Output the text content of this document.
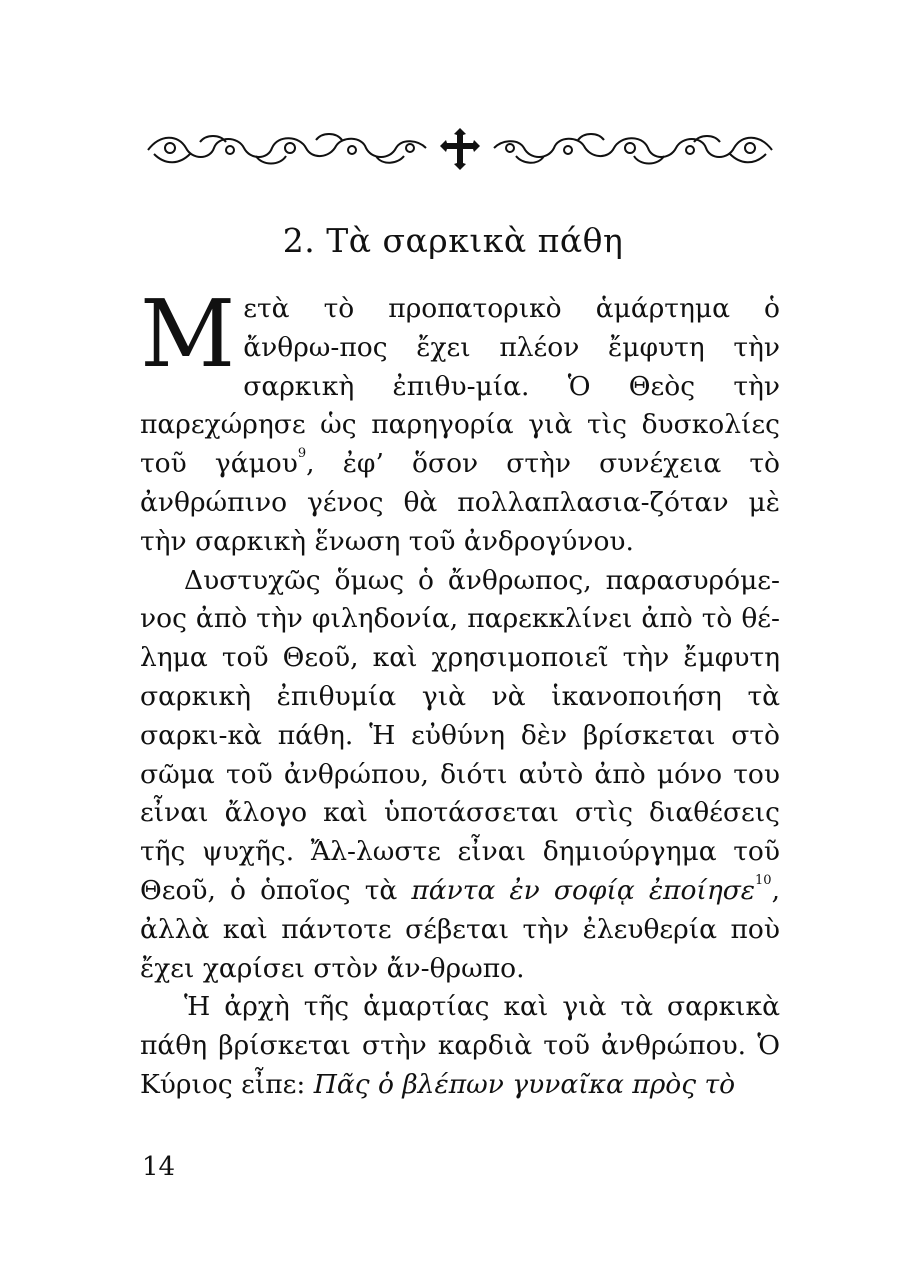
2. Τὰ σαρκικὰ πάθη

Μετὰ τὸ προπατορικὸ ἁμάρτημα ὁ ἄνθρω-πος ἔχει πλέον ἔμφυτη τὴν σαρκικὴ ἐπιθυ-μία. Ὁ Θεὸς τὴν παρεχώρησε ὡς παρηγορία γιὰ τὶς δυσκολίες τοῦ γάμου$^9$, ἐφ’ ὅσον στὴν συνέχεια τὸ ἀνθρώπινο γένος θὰ πολλαπλασια-ζόταν μὲ τὴν σαρκικὴ ἕνωση τοῦ ἀνδρογύνου.

Δυστυχῶς ὅμως ὁ ἄνθρωπος, παρασυρόμε-νος ἀπὸ τὴν φιληδονία, παρεκκλίνει ἀπὸ τὸ θέ-λημα τοῦ Θεοῦ, καὶ χρησιμοποιεῖ τὴν ἔμφυτη σαρκικὴ ἐπιθυμία γιὰ νὰ ἱκανοποιήση τὰ σαρκι-κὰ πάθη. Ἡ εὐθύνη δὲν βρίσκεται στὸ σῶμα τοῦ ἀνθρώπου, διότι αὐτὸ ἀπὸ μόνο του εἶναι ἄλογο καὶ ὑποτάσσεται στὶς διαθέσεις τῆς ψυχῆς. Ἄλ-λωστε εἶναι δημιούργημα τοῦ Θεοῦ, ὁ ὁποῖος τὰ πάντα ἐν σοφίᾳ ἐποίησε$^{10}$, ἀλλὰ καὶ πάντοτε σέβεται τὴν ἐλευθερία ποὺ ἔχει χαρίσει στὸν ἄν-θρωπο.

Ἡ ἀρχὴ τῆς ἁμαρτίας καὶ γιὰ τὰ σαρκικὰ πάθη βρίσκεται στὴν καρδιὰ τοῦ ἀνθρώπου. Ὁ Κύριος εἶπε: Πᾶς ὁ βλέπων γυναῖκα πρὸς τὸ

14
